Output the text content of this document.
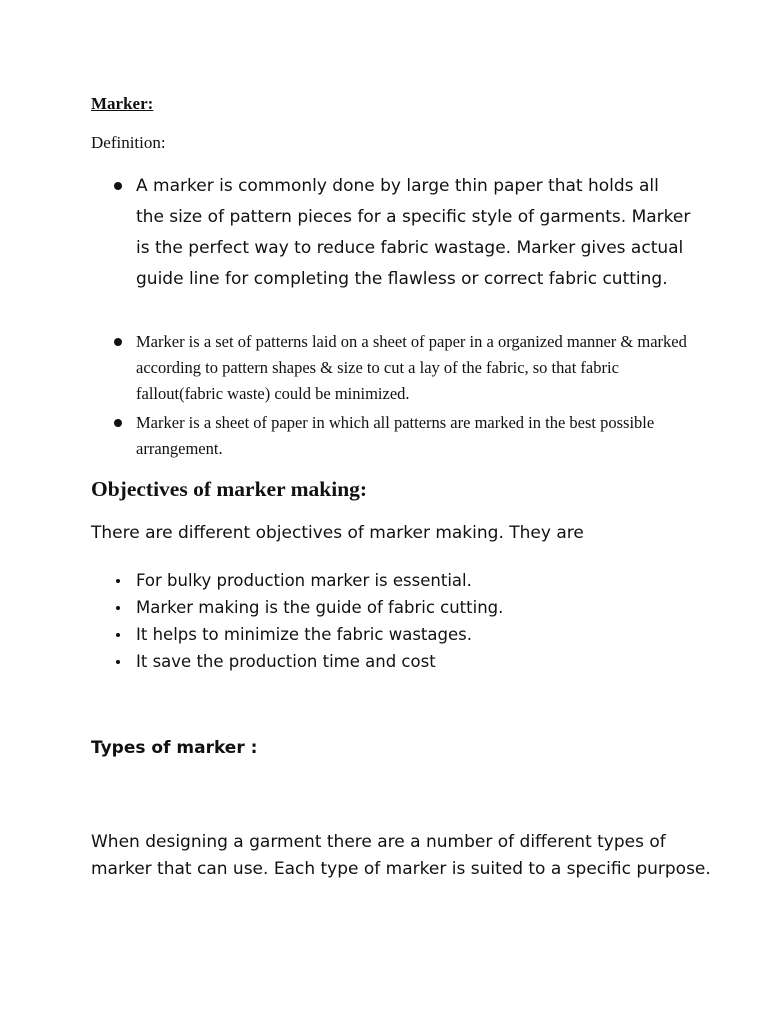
Marker:

Definition:

A marker is commonly done by large thin paper that holds all the size of pattern pieces for a specific style of garments. Marker is the perfect way to reduce fabric wastage. Marker gives actual guide line for completing the flawless or correct fabric cutting.
Marker is a set of patterns laid on a sheet of paper in a organized manner & marked according to pattern shapes & size to cut a lay of the fabric, so that fabric fallout(fabric waste) could be minimized.
Marker is a sheet of paper in which all patterns are marked in the best possible arrangement.
Objectives of marker making:

There are different objectives of marker making. They are

For bulky production marker is essential.
Marker making is the guide of fabric cutting.
It helps to minimize the fabric wastages.
It save the production time and cost
Types of marker :

When designing a garment there are a number of different types of marker that can use. Each type of marker is suited to a specific purpose.
